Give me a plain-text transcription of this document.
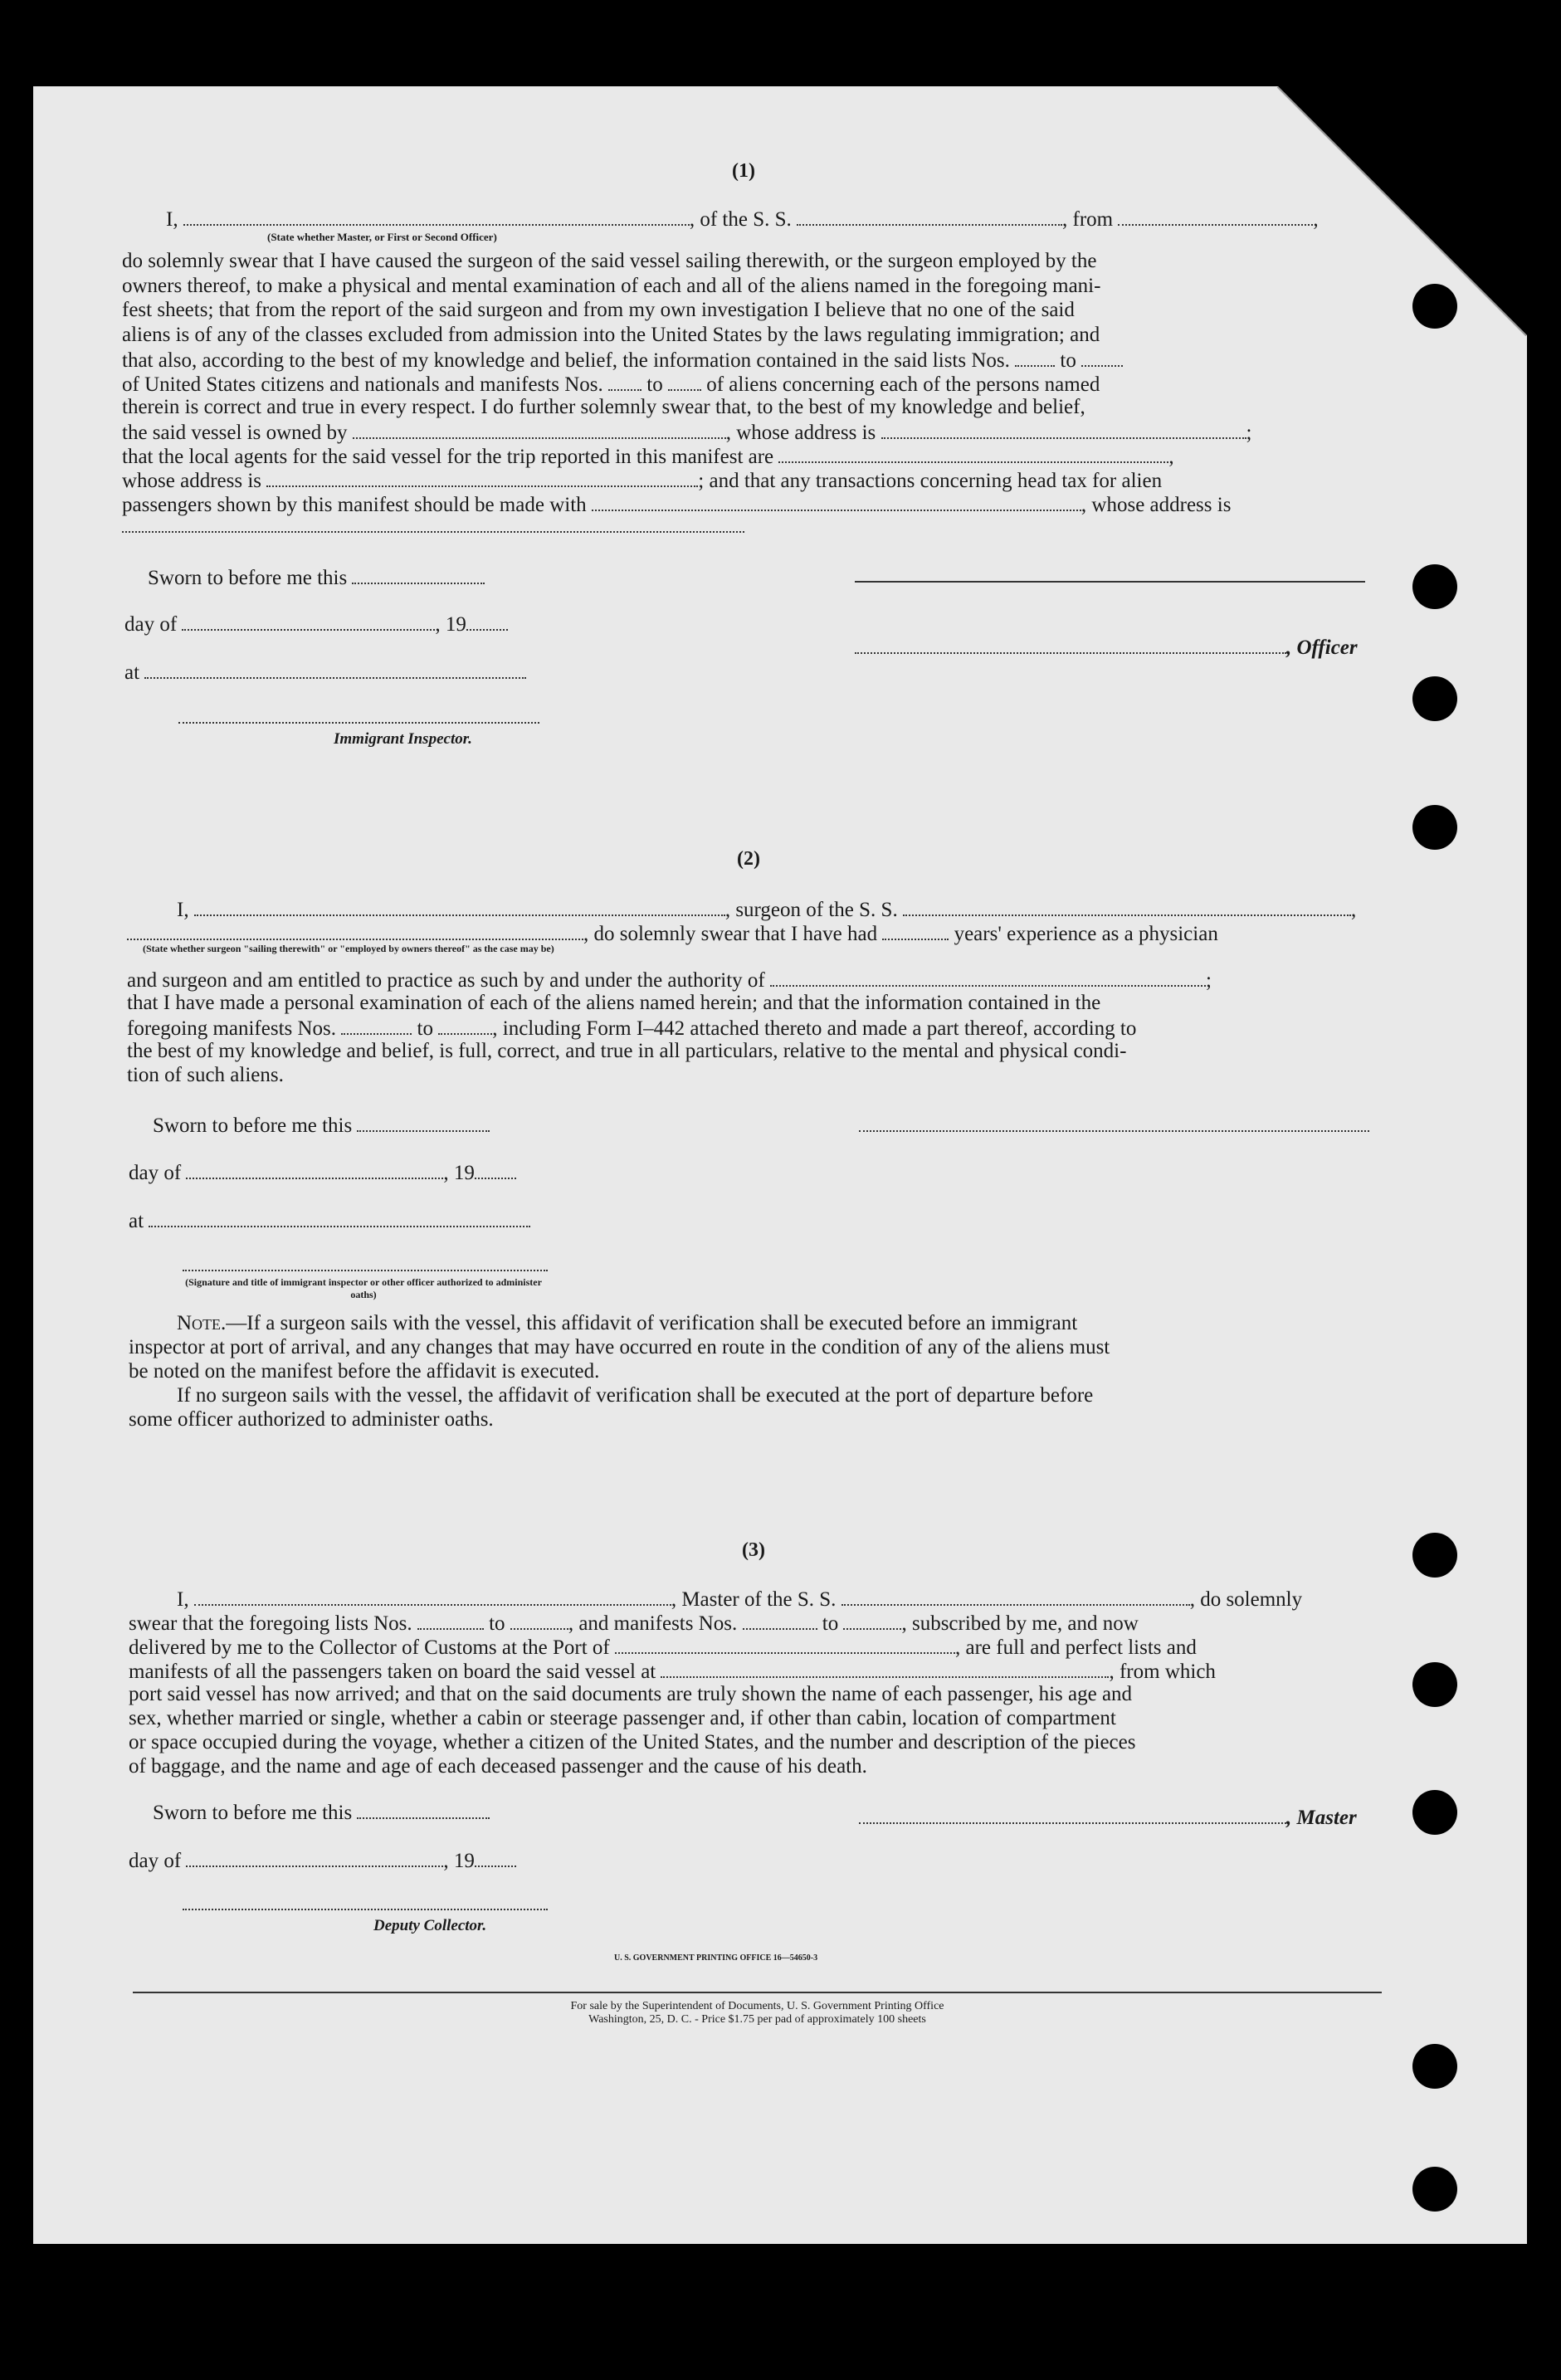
(1)
I,	, of the S. S.	, from	,
(State whether Master, or First or Second Officer)
do solemnly swear that I have caused the surgeon of the said vessel sailing therewith, or the surgeon employed by the
owners thereof, to make a physical and mental examination of each and all of the aliens named in the foregoing mani-
fest sheets; that from the report of the said surgeon and from my own investigation I believe that no one of the said
aliens is of any of the classes excluded from admission into the United States by the laws regulating immigration; and
that also, according to the best of my knowledge and belief, the information contained in the said lists Nos. to
of United States citizens and nationals and manifests Nos. to of aliens concerning each of the persons named
therein is correct and true in every respect. I do further solemnly swear that, to the best of my knowledge and belief,
the said vessel is owned by	, whose address is	;
that the local agents for the said vessel for the trip reported in this manifest are	,
whose address is	; and that any transactions concerning head tax for alien
passengers shown by this manifest should be made with	, whose address is
Sworn to before me this
day of	, 19
at
, Officer
Immigrant Inspector.
(2)
I,	, surgeon of the S. S.	,
, do solemnly swear that I have had	years' experience as a physician
(State whether surgeon "sailing therewith" or "employed by owners thereof" as the case may be)
and surgeon and am entitled to practice as such by and under the authority of	;
that I have made a personal examination of each of the aliens named herein; and that the information contained in the
foregoing manifests Nos.	to	, including Form I–442 attached thereto and made a part thereof, according to
the best of my knowledge and belief, is full, correct, and true in all particulars, relative to the mental and physical condi-
tion of such aliens.
Sworn to before me this
day of	, 19
at
(Signature and title of immigrant inspector or other officer authorized to administer oaths)
Note.—If a surgeon sails with the vessel, this affidavit of verification shall be executed before an immigrant
inspector at port of arrival, and any changes that may have occurred en route in the condition of any of the aliens must
be noted on the manifest before the affidavit is executed.
If no surgeon sails with the vessel, the affidavit of verification shall be executed at the port of departure before
some officer authorized to administer oaths.
(3)
I,	, Master of the S. S.	, do solemnly
swear that the foregoing lists Nos.	to	, and manifests Nos.	to	, subscribed by me, and now
delivered by me to the Collector of Customs at the Port of	, are full and perfect lists and
manifests of all the passengers taken on board the said vessel at	, from which
port said vessel has now arrived; and that on the said documents are truly shown the name of each passenger, his age and
sex, whether married or single, whether a cabin or steerage passenger and, if other than cabin, location of compartment
or space occupied during the voyage, whether a citizen of the United States, and the number and description of the pieces
of baggage, and the name and age of each deceased passenger and the cause of his death.
Sworn to before me this	, Master
day of	, 19
Deputy Collector.
U. S. GOVERNMENT PRINTING OFFICE 16—54650-3
For sale by the Superintendent of Documents, U. S. Government Printing Office
Washington, 25, D. C. - Price $1.75 per pad of approximately 100 sheets
